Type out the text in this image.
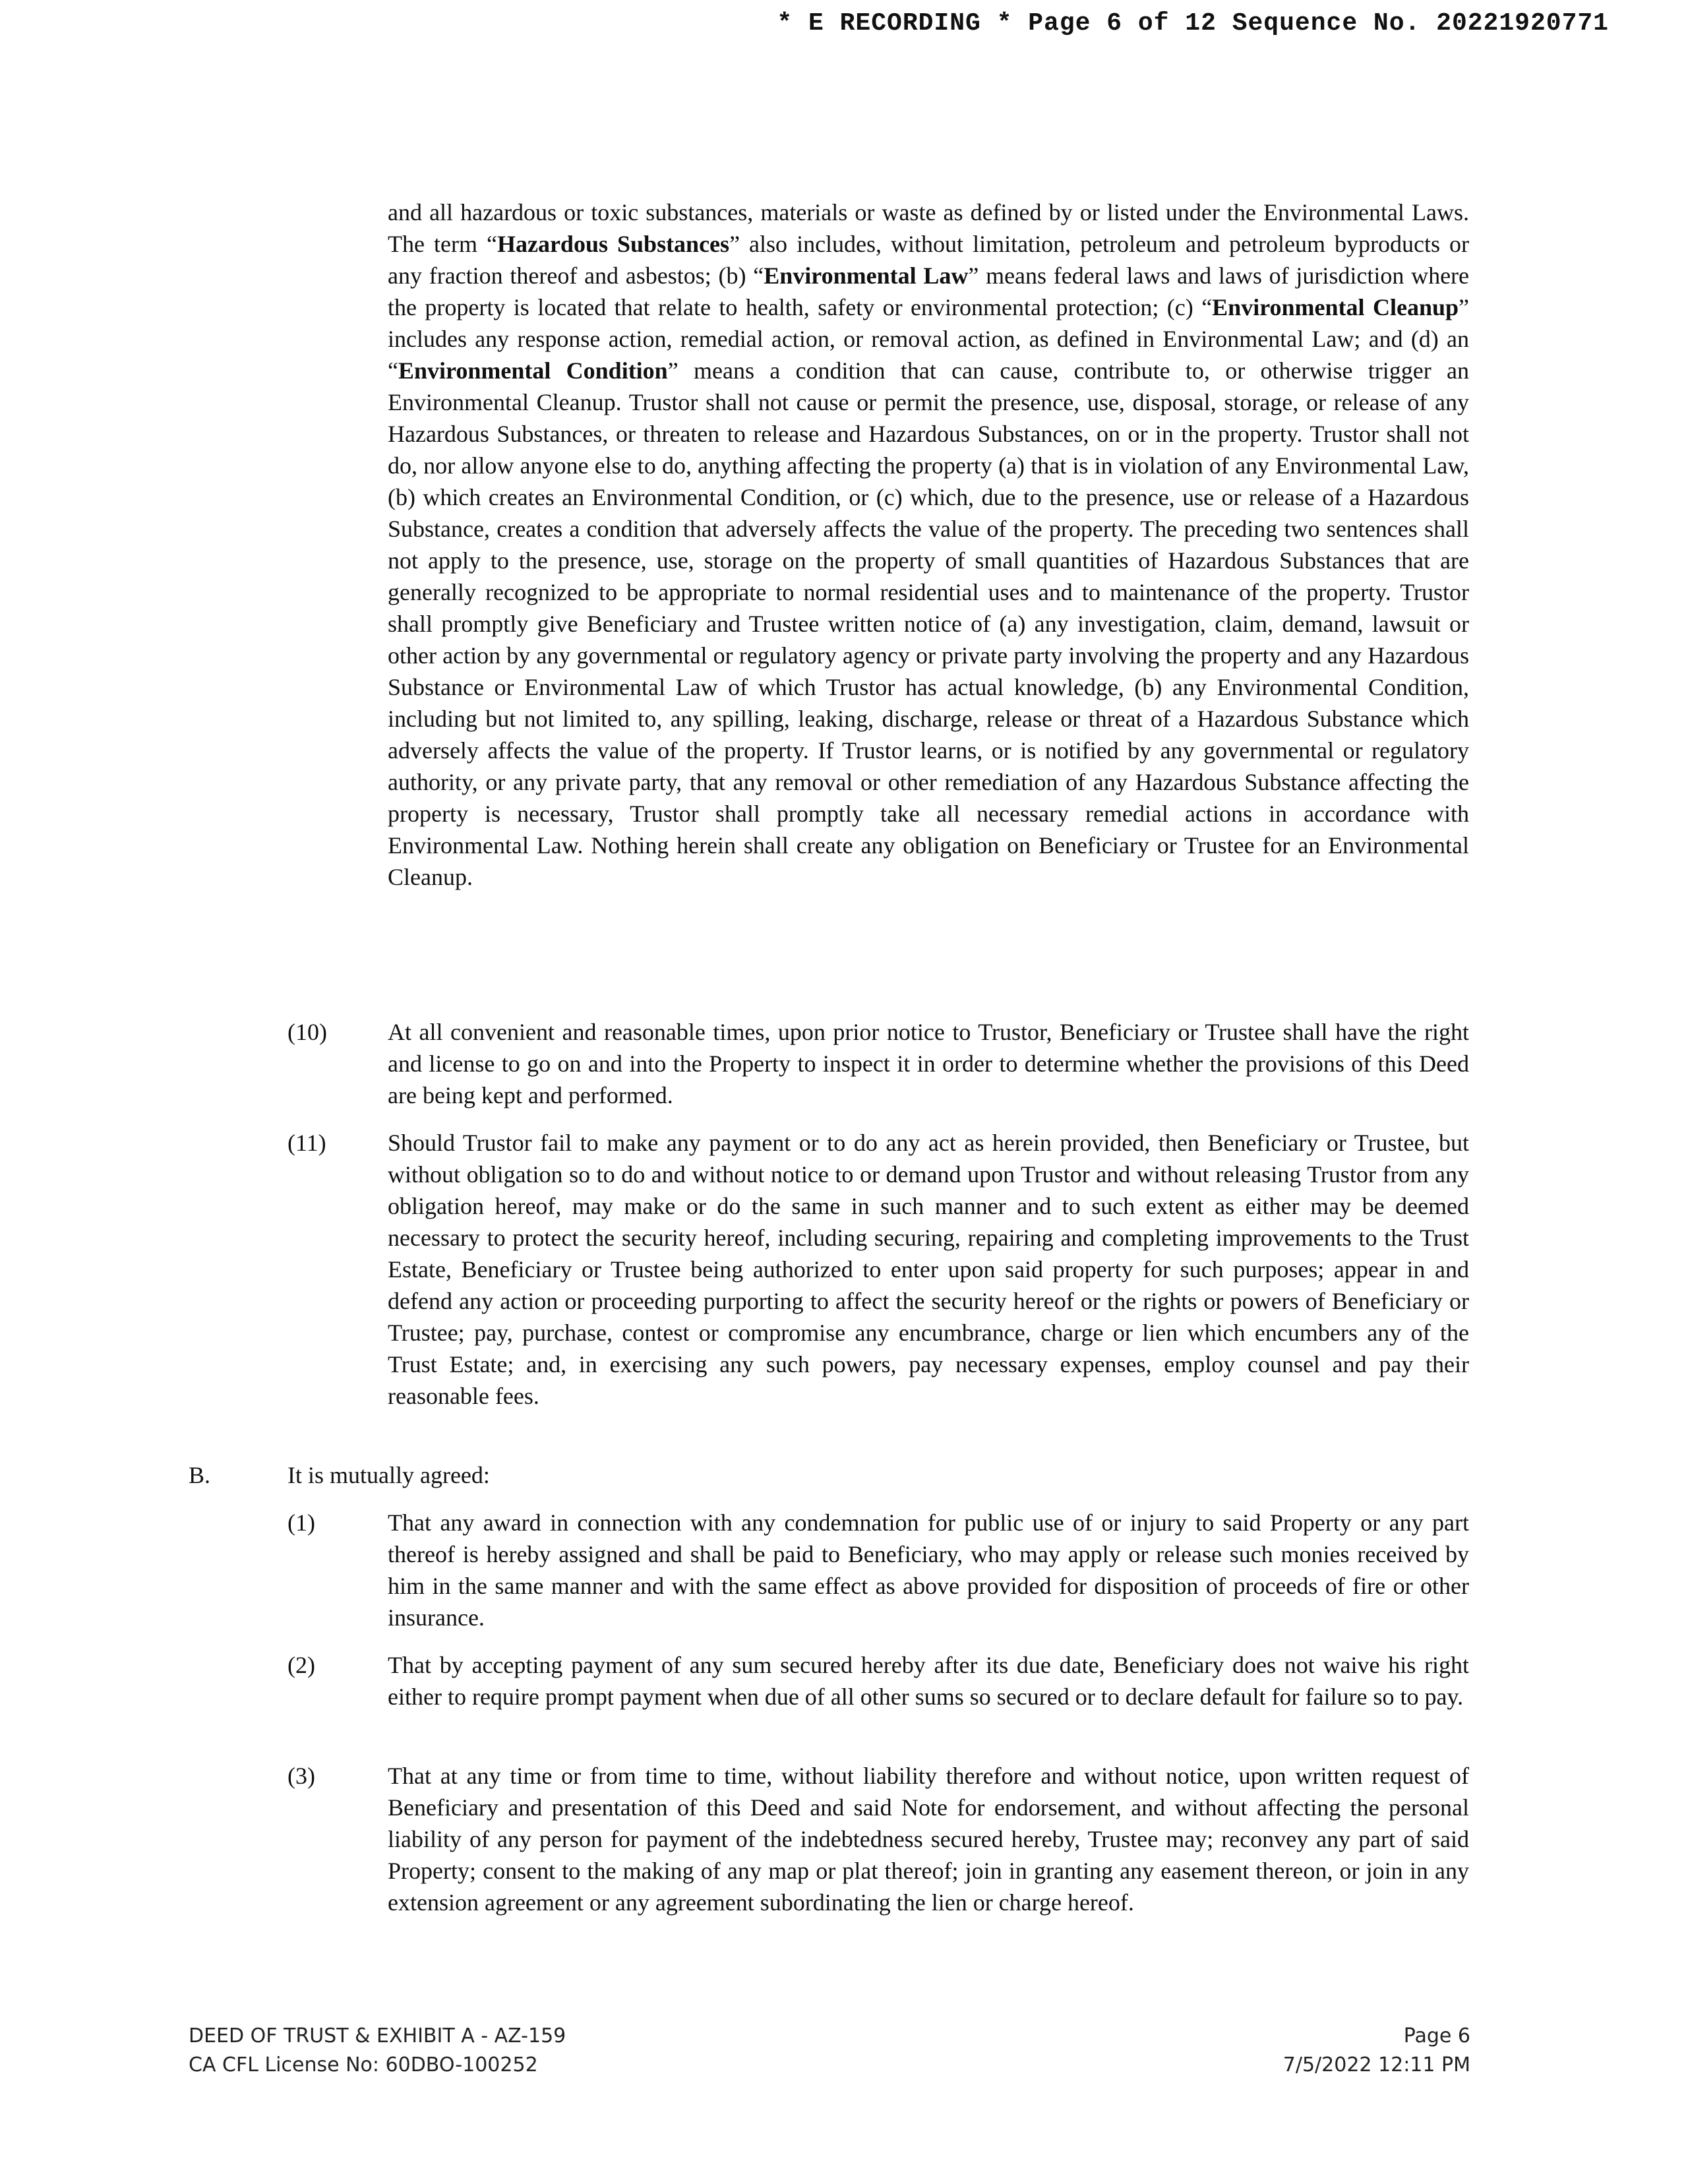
* E RECORDING * Page 6 of 12 Sequence No. 20221920771
and all hazardous or toxic substances, materials or waste as defined by or listed under the Environmental Laws. The term “Hazardous Substances” also includes, without limitation, petroleum and petroleum byproducts or any fraction thereof and asbestos; (b) “Environmental Law” means federal laws and laws of jurisdiction where the property is located that relate to health, safety or environmental protection; (c) “Environmental Cleanup” includes any response action, remedial action, or removal action, as defined in Environmental Law; and (d) an “Environmental Condition” means a condition that can cause, contribute to, or otherwise trigger an Environmental Cleanup. Trustor shall not cause or permit the presence, use, disposal, storage, or release of any Hazardous Substances, or threaten to release and Hazardous Substances, on or in the property. Trustor shall not do, nor allow anyone else to do, anything affecting the property (a) that is in violation of any Environmental Law, (b) which creates an Environmental Condition, or (c) which, due to the presence, use or release of a Hazardous Substance, creates a condition that adversely affects the value of the property. The preceding two sentences shall not apply to the presence, use, storage on the property of small quantities of Hazardous Substances that are generally recognized to be appropriate to normal residential uses and to maintenance of the property. Trustor shall promptly give Beneficiary and Trustee written notice of (a) any investigation, claim, demand, lawsuit or other action by any governmental or regulatory agency or private party involving the property and any Hazardous Substance or Environmental Law of which Trustor has actual knowledge, (b) any Environmental Condition, including but not limited to, any spilling, leaking, discharge, release or threat of a Hazardous Substance which adversely affects the value of the property. If Trustor learns, or is notified by any governmental or regulatory authority, or any private party, that any removal or other remediation of any Hazardous Substance affecting the property is necessary, Trustor shall promptly take all necessary remedial actions in accordance with Environmental Law. Nothing herein shall create any obligation on Beneficiary or Trustee for an Environmental Cleanup.
(10)	At all convenient and reasonable times, upon prior notice to Trustor, Beneficiary or Trustee shall have the right and license to go on and into the Property to inspect it in order to determine whether the provisions of this Deed are being kept and performed.
(11)	Should Trustor fail to make any payment or to do any act as herein provided, then Beneficiary or Trustee, but without obligation so to do and without notice to or demand upon Trustor and without releasing Trustor from any obligation hereof, may make or do the same in such manner and to such extent as either may be deemed necessary to protect the security hereof, including securing, repairing and completing improvements to the Trust Estate, Beneficiary or Trustee being authorized to enter upon said property for such purposes; appear in and defend any action or proceeding purporting to affect the security hereof or the rights or powers of Beneficiary or Trustee; pay, purchase, contest or compromise any encumbrance, charge or lien which encumbers any of the Trust Estate; and, in exercising any such powers, pay necessary expenses, employ counsel and pay their reasonable fees.
B.	It is mutually agreed:
(1)	That any award in connection with any condemnation for public use of or injury to said Property or any part thereof is hereby assigned and shall be paid to Beneficiary, who may apply or release such monies received by him in the same manner and with the same effect as above provided for disposition of proceeds of fire or other insurance.
(2)	That by accepting payment of any sum secured hereby after its due date, Beneficiary does not waive his right either to require prompt payment when due of all other sums so secured or to declare default for failure so to pay.
(3)	That at any time or from time to time, without liability therefore and without notice, upon written request of Beneficiary and presentation of this Deed and said Note for endorsement, and without affecting the personal liability of any person for payment of the indebtedness secured hereby, Trustee may; reconvey any part of said Property; consent to the making of any map or plat thereof; join in granting any easement thereon, or join in any extension agreement or any agreement subordinating the lien or charge hereof.
DEED OF TRUST & EXHIBIT A - AZ-159
CA CFL License No: 60DBO-100252
Page 6
7/5/2022 12:11 PM
